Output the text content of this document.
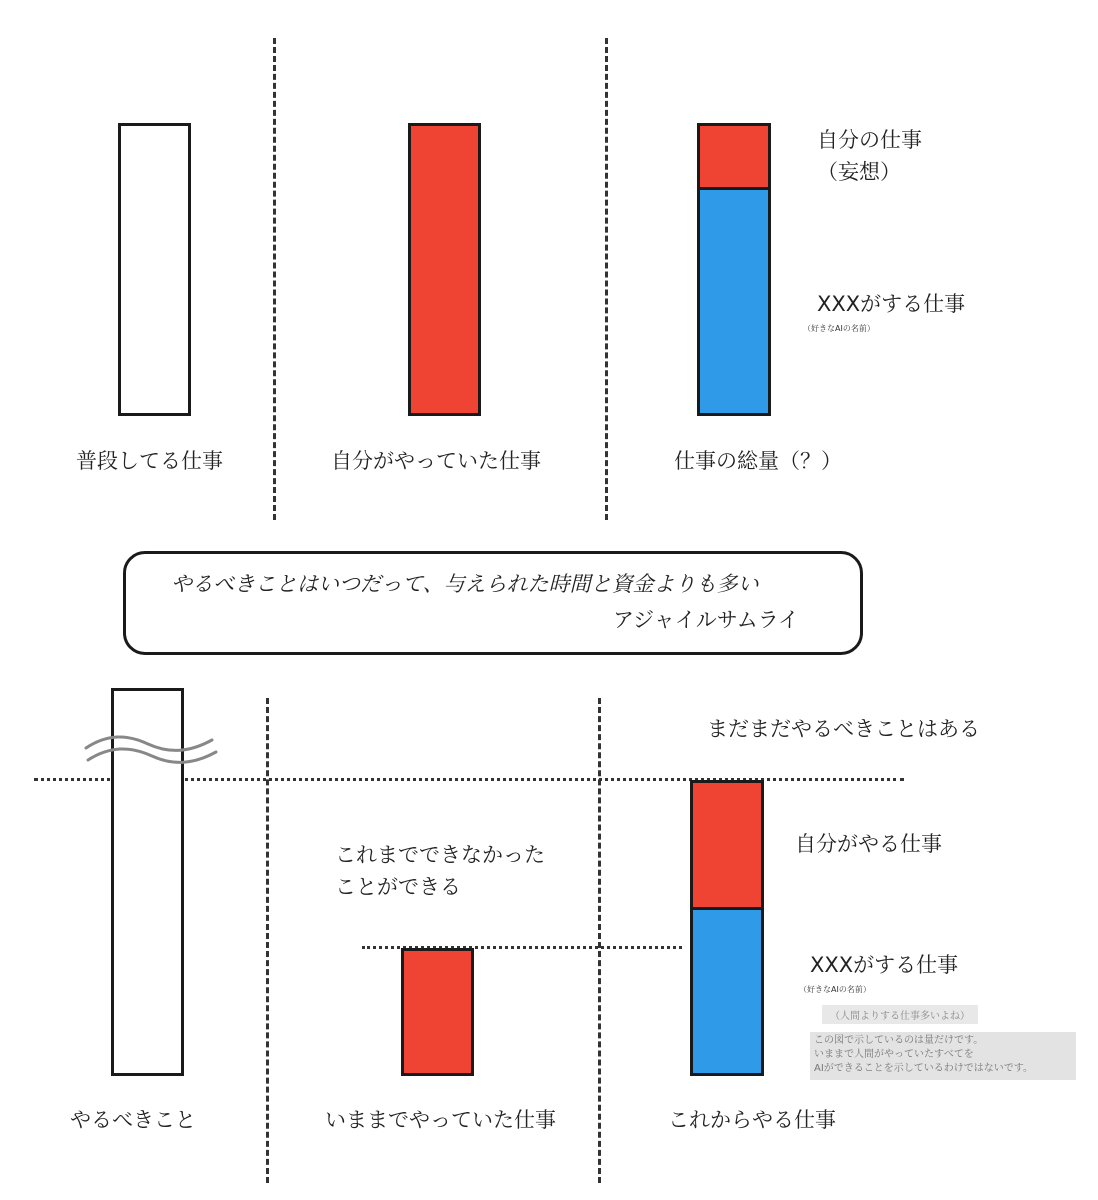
普段してる仕事	自分がやっていた仕事	仕事の総量（？）
自分の仕事
（妄想）
XXXがする仕事
（好きなAIの名前）
やるべきことはいつだって、与えられた時間と資金よりも多い
アジャイルサムライ
やるべきこと
これまでできなかった
ことができる
いままでやっていた仕事
まだまだやるべきことはある
自分がやる仕事
XXXがする仕事
（好きなAIの名前）
（人間よりする仕事多いよね）
この図で示しているのは量だけです。
いままで人間がやっていたすべてを
AIができることを示しているわけではないです。
これからやる仕事
